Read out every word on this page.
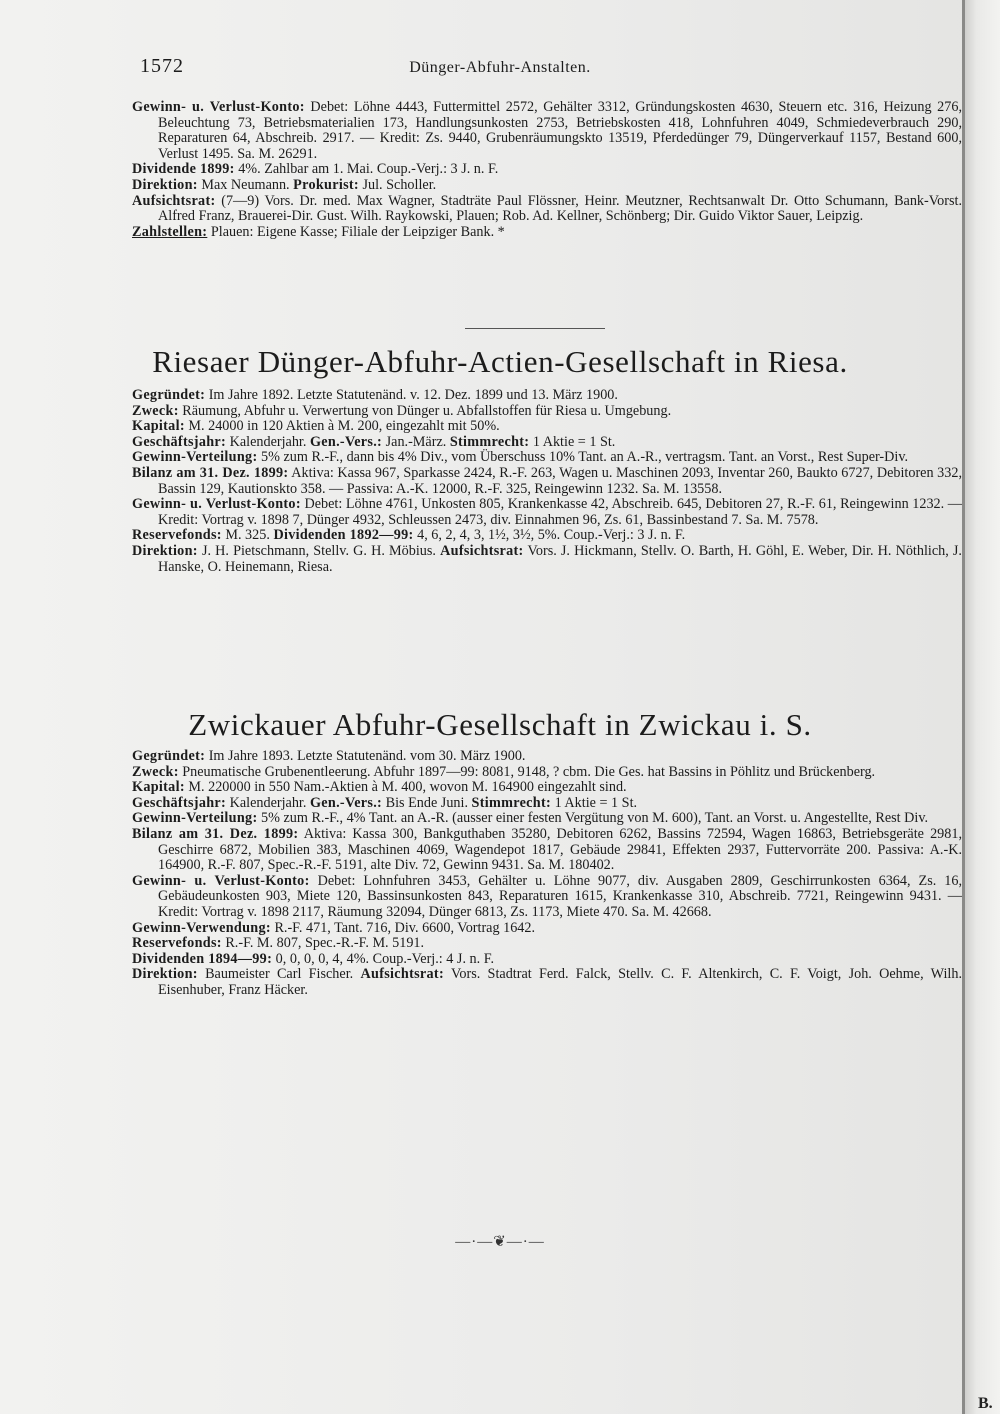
B.
1572	Dünger-Abfuhr-Anstalten.

Gewinn- u. Verlust-Konto: Debet: Löhne 4443, Futtermittel 2572, Gehälter 3312, Gründungskosten 4630, Steuern etc. 316, Heizung 276, Beleuchtung 73, Betriebsmaterialien 173, Handlungsunkosten 2753, Betriebskosten 418, Lohnfuhren 4049, Schmiedeverbrauch 290, Reparaturen 64, Abschreib. 2917. — Kredit: Zs. 9440, Grubenräumungskto 13519, Pferdedünger 79, Düngerverkauf 1157, Bestand 600, Verlust 1495. Sa. M. 26291.

Dividende 1899: 4%. Zahlbar am 1. Mai. Coup.-Verj.: 3 J. n. F.

Direktion: Max Neumann. Prokurist: Jul. Scholler.

Aufsichtsrat: (7—9) Vors. Dr. med. Max Wagner, Stadträte Paul Flössner, Heinr. Meutzner, Rechtsanwalt Dr. Otto Schumann, Bank-Vorst. Alfred Franz, Brauerei-Dir. Gust. Wilh. Raykowski, Plauen; Rob. Ad. Kellner, Schönberg; Dir. Guido Viktor Sauer, Leipzig.

Zahlstellen: Plauen: Eigene Kasse; Filiale der Leipziger Bank. *

Riesaer Dünger-Abfuhr-Actien-Gesellschaft in Riesa.

Gegründet: Im Jahre 1892. Letzte Statutenänd. v. 12. Dez. 1899 und 13. März 1900.

Zweck: Räumung, Abfuhr u. Verwertung von Dünger u. Abfallstoffen für Riesa u. Umgebung.

Kapital: M. 24000 in 120 Aktien à M. 200, eingezahlt mit 50%.

Geschäftsjahr: Kalenderjahr. Gen.-Vers.: Jan.-März. Stimmrecht: 1 Aktie = 1 St.

Gewinn-Verteilung: 5% zum R.-F., dann bis 4% Div., vom Überschuss 10% Tant. an A.-R., vertragsm. Tant. an Vorst., Rest Super-Div.

Bilanz am 31. Dez. 1899: Aktiva: Kassa 967, Sparkasse 2424, R.-F. 263, Wagen u. Maschinen 2093, Inventar 260, Baukto 6727, Debitoren 332, Bassin 129, Kautionskto 358. — Passiva: A.-K. 12000, R.-F. 325, Reingewinn 1232. Sa. M. 13558.

Gewinn- u. Verlust-Konto: Debet: Löhne 4761, Unkosten 805, Krankenkasse 42, Abschreib. 645, Debitoren 27, R.-F. 61, Reingewinn 1232. — Kredit: Vortrag v. 1898 7, Dünger 4932, Schleussen 2473, div. Einnahmen 96, Zs. 61, Bassinbestand 7. Sa. M. 7578.

Reservefonds: M. 325. Dividenden 1892—99: 4, 6, 2, 4, 3, 1½, 3½, 5%. Coup.-Verj.: 3 J. n. F.

Direktion: J. H. Pietschmann, Stellv. G. H. Möbius. Aufsichtsrat: Vors. J. Hickmann, Stellv. O. Barth, H. Göhl, E. Weber, Dir. H. Nöthlich, J. Hanske, O. Heinemann, Riesa.

Zwickauer Abfuhr-Gesellschaft in Zwickau i. S.

Gegründet: Im Jahre 1893. Letzte Statutenänd. vom 30. März 1900.

Zweck: Pneumatische Grubenentleerung. Abfuhr 1897—99: 8081, 9148, ? cbm. Die Ges. hat Bassins in Pöhlitz und Brückenberg.

Kapital: M. 220000 in 550 Nam.-Aktien à M. 400, wovon M. 164900 eingezahlt sind.

Geschäftsjahr: Kalenderjahr. Gen.-Vers.: Bis Ende Juni. Stimmrecht: 1 Aktie = 1 St.

Gewinn-Verteilung: 5% zum R.-F., 4% Tant. an A.-R. (ausser einer festen Vergütung von M. 600), Tant. an Vorst. u. Angestellte, Rest Div.

Bilanz am 31. Dez. 1899: Aktiva: Kassa 300, Bankguthaben 35280, Debitoren 6262, Bassins 72594, Wagen 16863, Betriebsgeräte 2981, Geschirre 6872, Mobilien 383, Maschinen 4069, Wagendepot 1817, Gebäude 29841, Effekten 2937, Futtervorräte 200. Passiva: A.-K. 164900, R.-F. 807, Spec.-R.-F. 5191, alte Div. 72, Gewinn 9431. Sa. M. 180402.

Gewinn- u. Verlust-Konto: Debet: Lohnfuhren 3453, Gehälter u. Löhne 9077, div. Ausgaben 2809, Geschirrunkosten 6364, Zs. 16, Gebäudeunkosten 903, Miete 120, Bassinsunkosten 843, Reparaturen 1615, Krankenkasse 310, Abschreib. 7721, Reingewinn 9431. — Kredit: Vortrag v. 1898 2117, Räumung 32094, Dünger 6813, Zs. 1173, Miete 470. Sa. M. 42668.

Gewinn-Verwendung: R.-F. 471, Tant. 716, Div. 6600, Vortrag 1642.

Reservefonds: R.-F. M. 807, Spec.-R.-F. M. 5191.

Dividenden 1894—99: 0, 0, 0, 0, 4, 4%. Coup.-Verj.: 4 J. n. F.

Direktion: Baumeister Carl Fischer. Aufsichtsrat: Vors. Stadtrat Ferd. Falck, Stellv. C. F. Altenkirch, C. F. Voigt, Joh. Oehme, Wilh. Eisenhuber, Franz Häcker.

—·—❦—·—
